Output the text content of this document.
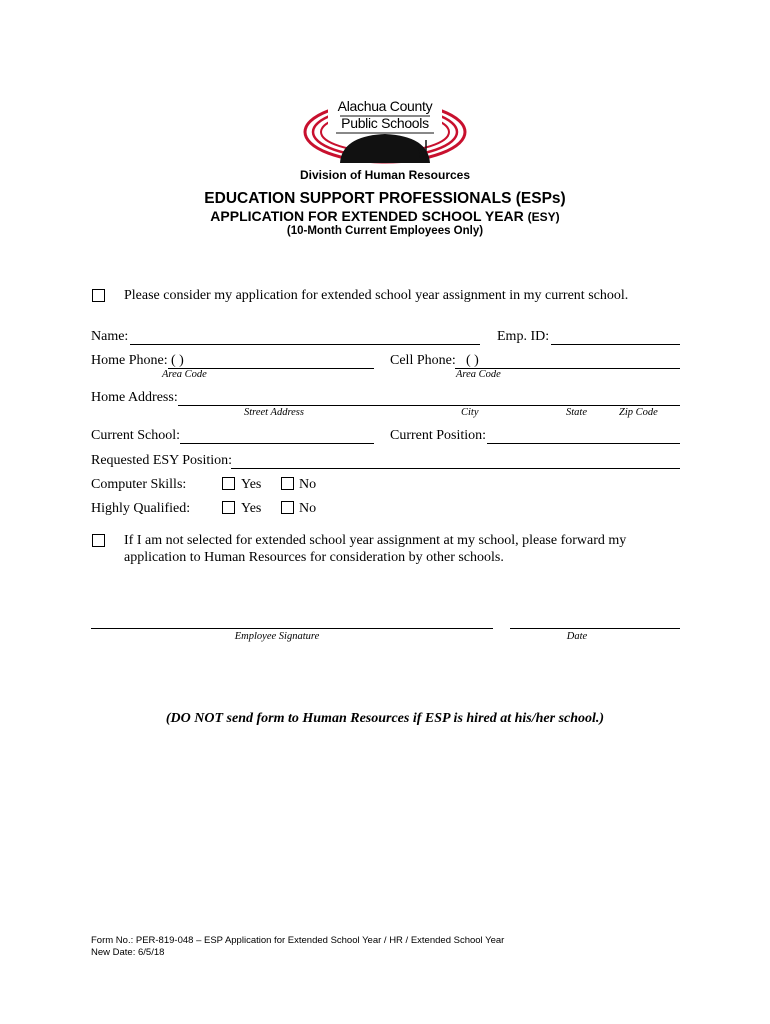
Alachua County
Public Schools
Division of Human Resources
EDUCATION SUPPORT PROFESSIONALS (ESPs)
APPLICATION FOR EXTENDED SCHOOL YEAR (ESY)
(10-Month Current Employees Only)
Please consider my application for extended school year assignment in my current school.
Name:	Emp. ID:
Home Phone: ( )
Area Code
Cell Phone: ( )
Area Code
Home Address:
Street Address	City	State	Zip Code
Current School:	Current Position:
Requested ESY Position:
Computer Skills:	Yes	No
Highly Qualified:	Yes	No
If I am not selected for extended school year assignment at my school, please forward my
application to Human Resources for consideration by other schools.
Employee Signature	Date
(DO NOT send form to Human Resources if ESP is hired at his/her school.)
Form No.: PER-819-048 – ESP Application for Extended School Year / HR / Extended School Year
New Date: 6/5/18
